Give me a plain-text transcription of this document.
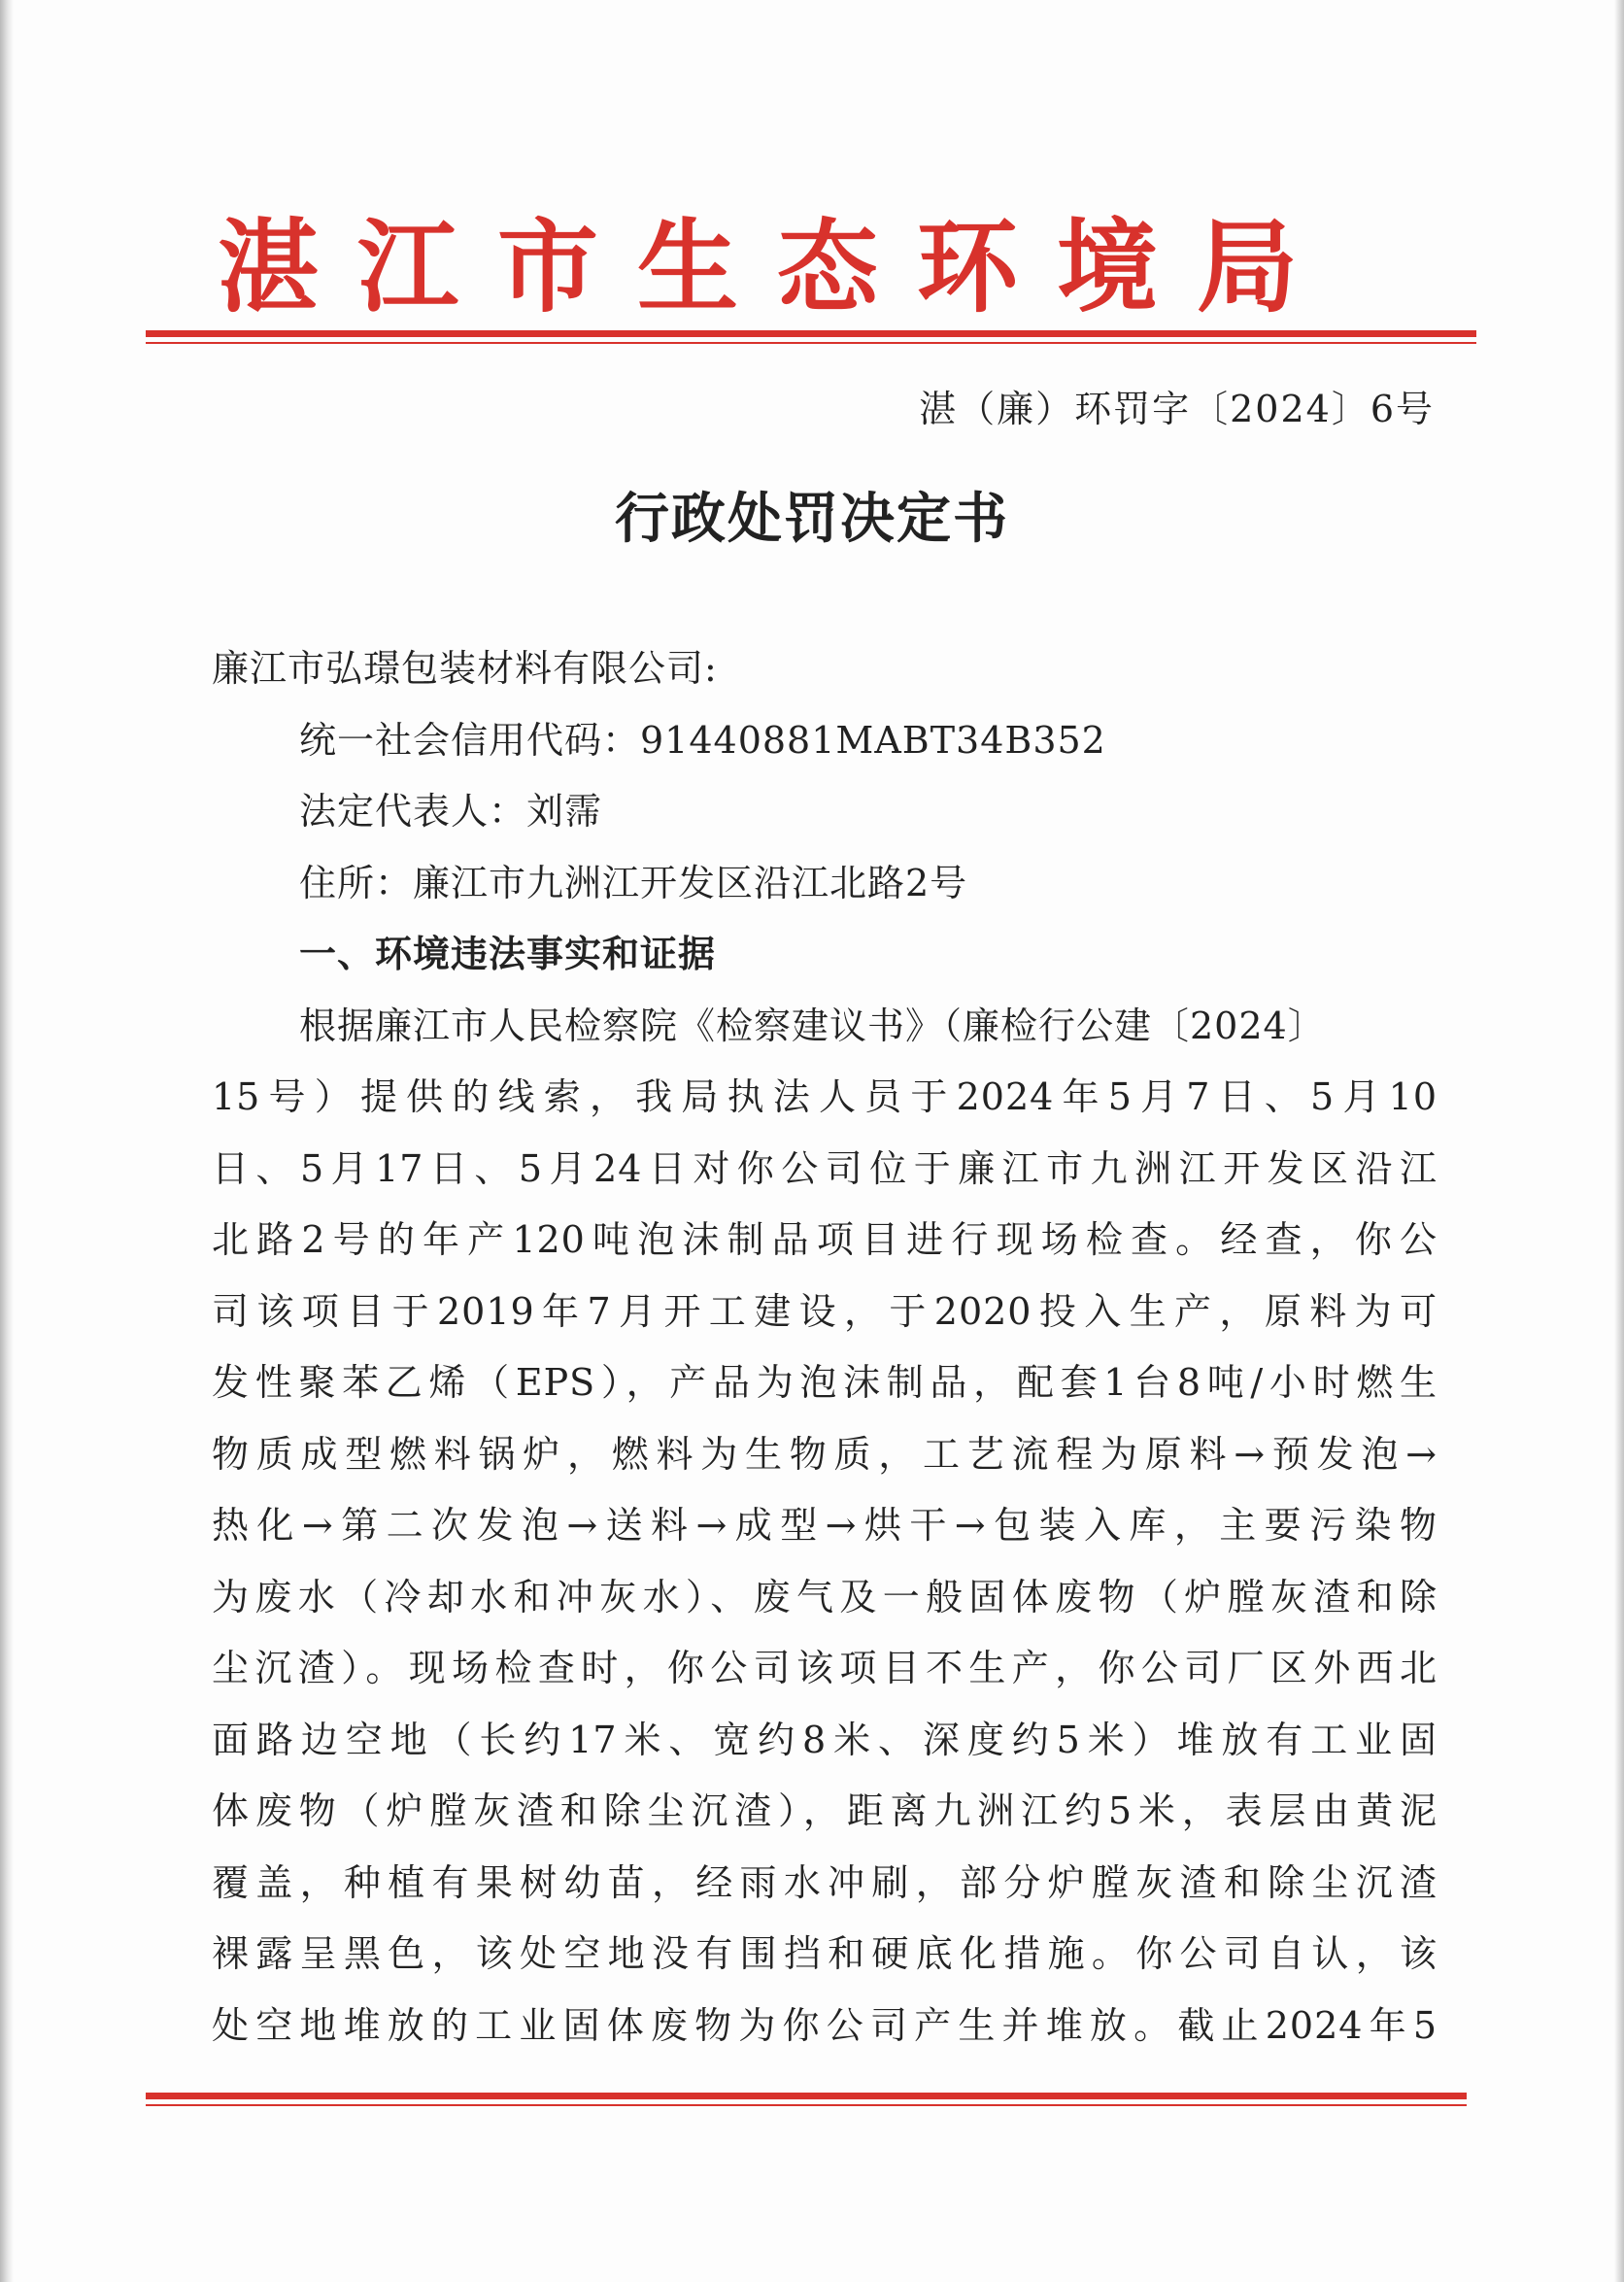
湛江市生态环境局
湛（廉）环罚字〔2024〕6号
行政处罚决定书
廉江市弘璟包装材料有限公司:
统一社会信用代码：91440881MABT34B352
法定代表人：刘霈
住所：廉江市九洲江开发区沿江北路2号
一、环境违法事实和证据
根据廉江市人民检察院《检察建议书》（廉检行公建〔2024〕
15号）提供的线索，我局执法人员于2024年5月7日、5月10
日、5月17日、5月24日对你公司位于廉江市九洲江开发区沿江
北路2号的年产120吨泡沫制品项目进行现场检查。经查，你公
司该项目于2019年7月开工建设，于2020投入生产，原料为可
发性聚苯乙烯（EPS），产品为泡沫制品，配套1台8吨/小时燃生
物质成型燃料锅炉，燃料为生物质，工艺流程为原料→预发泡→
热化→第二次发泡→送料→成型→烘干→包装入库，主要污染物
为废水（冷却水和冲灰水）、废气及一般固体废物（炉膛灰渣和除
尘沉渣）。现场检查时，你公司该项目不生产，你公司厂区外西北
面路边空地（长约17米、宽约8米、深度约5米）堆放有工业固
体废物（炉膛灰渣和除尘沉渣），距离九洲江约5米，表层由黄泥
覆盖，种植有果树幼苗，经雨水冲刷，部分炉膛灰渣和除尘沉渣
裸露呈黑色，该处空地没有围挡和硬底化措施。你公司自认，该
处空地堆放的工业固体废物为你公司产生并堆放。截止2024年5
